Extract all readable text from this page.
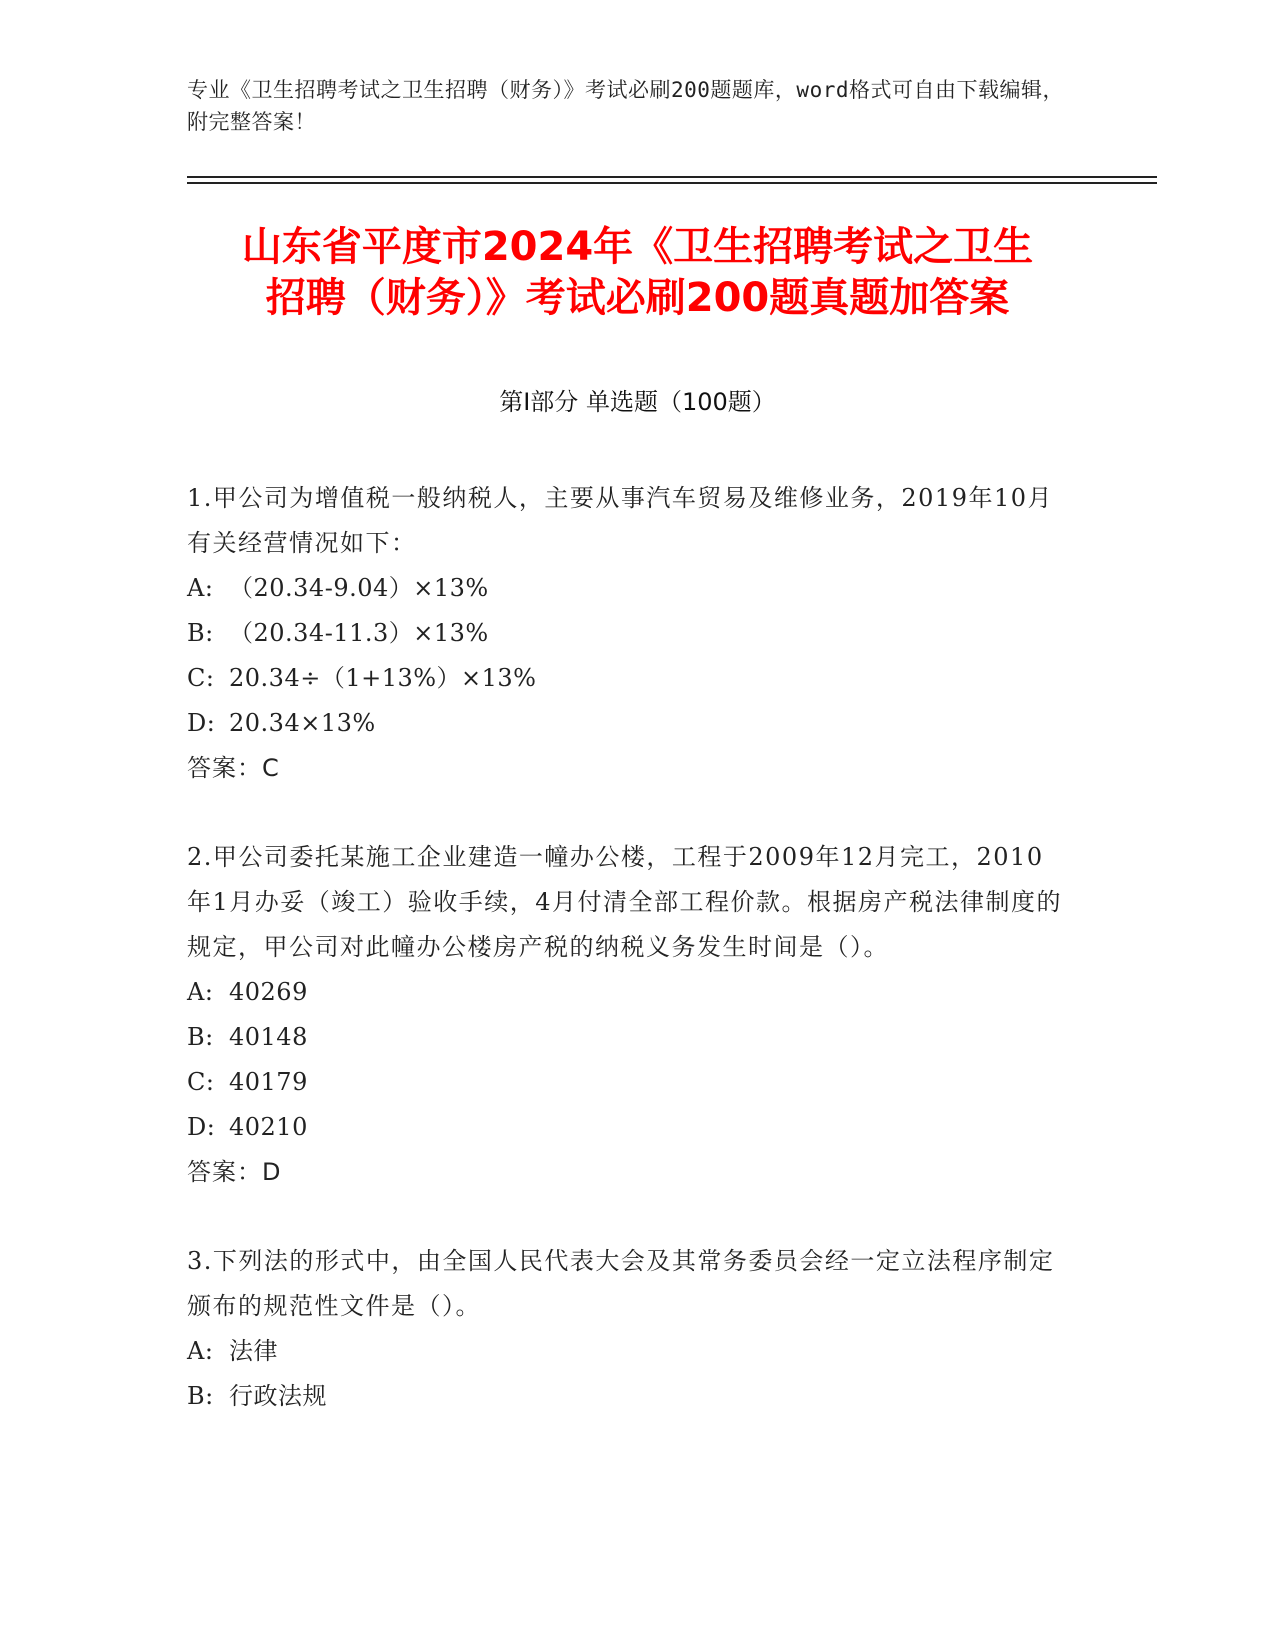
专业《卫生招聘考试之卫生招聘（财务）》考试必刷200题题库，word格式可自由下载编辑，附完整答案！
山东省平度市2024年《卫生招聘考试之卫生
招聘（财务）》考试必刷200题真题加答案
第Ⅰ部分 单选题（100题）
1.甲公司为增值税一般纳税人，主要从事汽车贸易及维修业务，2019年10月有关经营情况如下：
A: （20.34-9.04）×13%
B: （20.34-11.3）×13%
C: 20.34÷（1+13%）×13%
D: 20.34×13%
答案：C
2.甲公司委托某施工企业建造一幢办公楼，工程于2009年12月完工，2010年1月办妥（竣工）验收手续，4月付清全部工程价款。根据房产税法律制度的规定，甲公司对此幢办公楼房产税的纳税义务发生时间是（）。
A: 40269
B: 40148
C: 40179
D: 40210
答案：D
3.下列法的形式中，由全国人民代表大会及其常务委员会经一定立法程序制定颁布的规范性文件是（）。
A: 法律
B: 行政法规
